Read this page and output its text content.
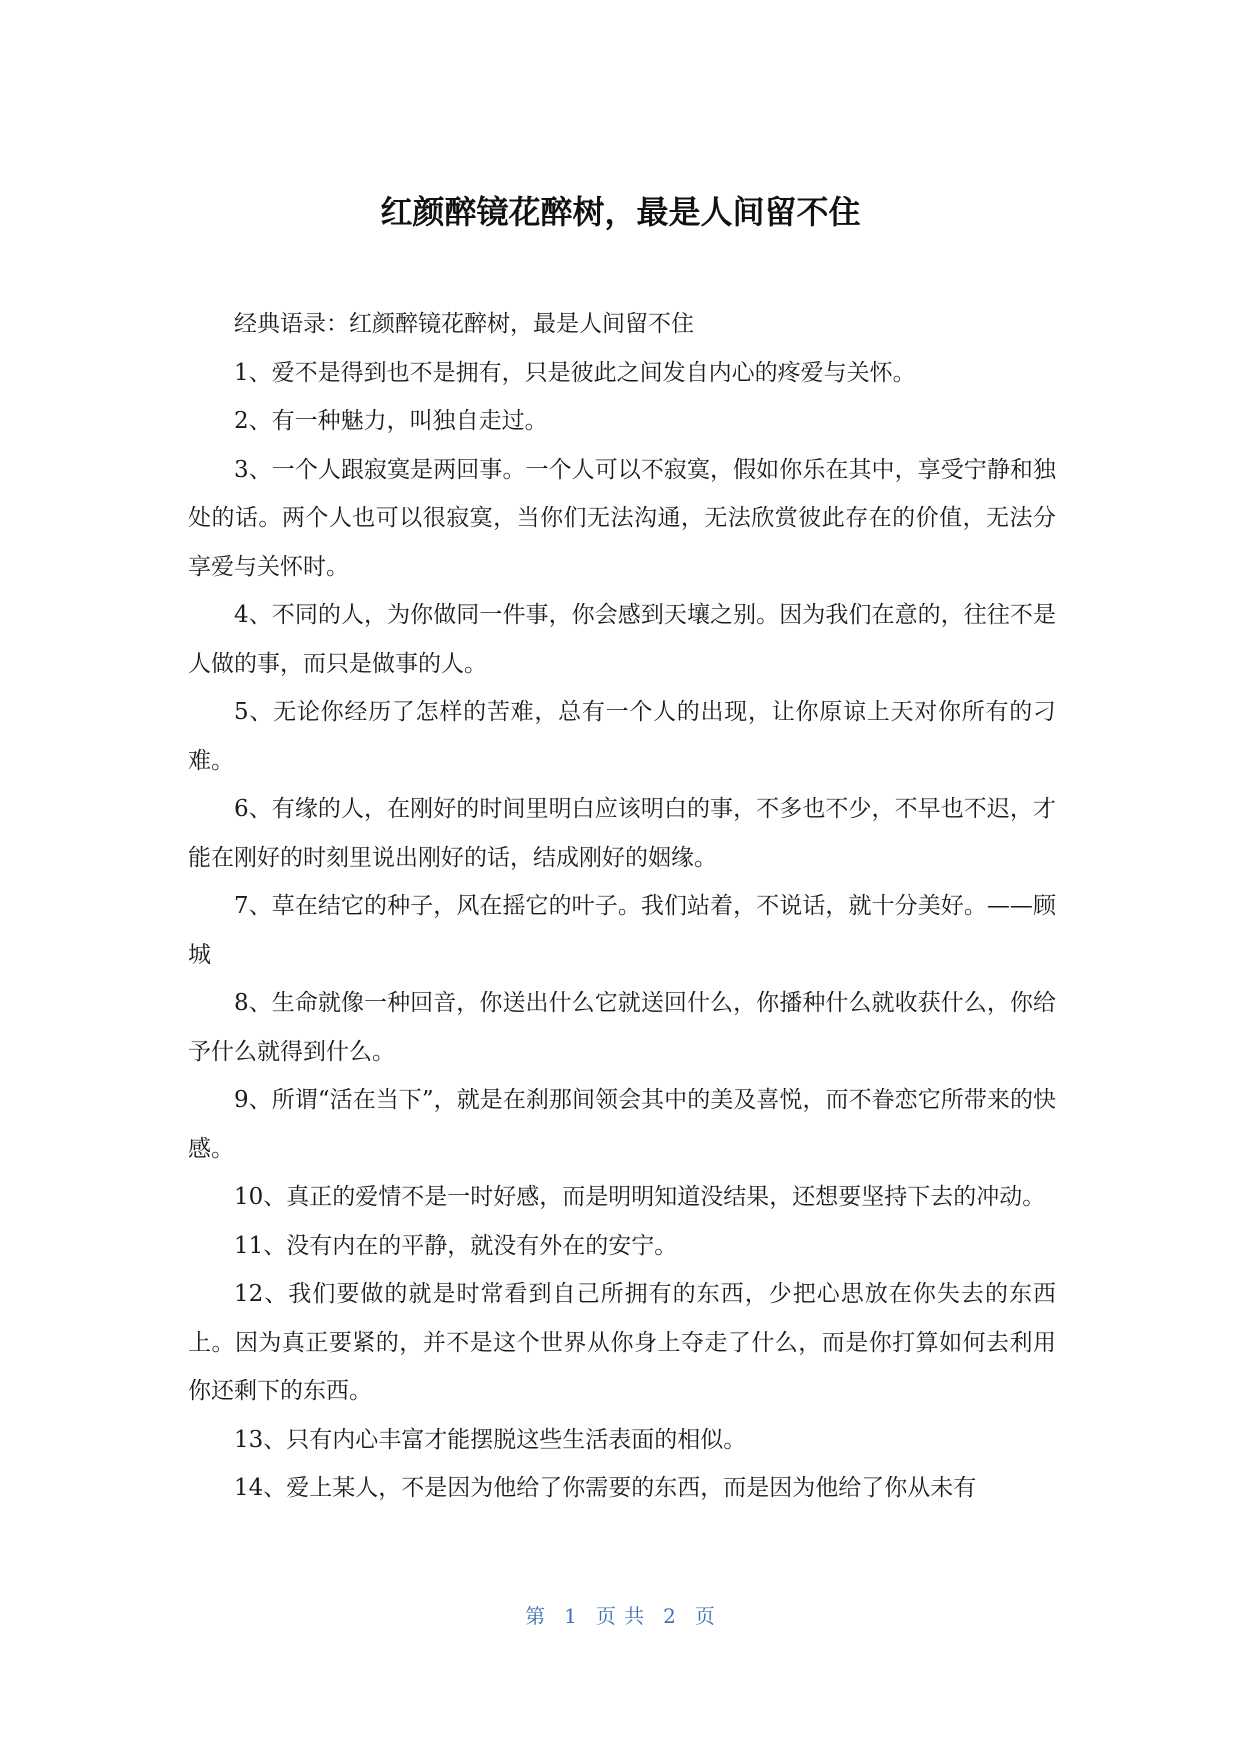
红颜醉镜花醉树，最是人间留不住

经典语录：红颜醉镜花醉树，最是人间留不住

1、爱不是得到也不是拥有，只是彼此之间发自内心的疼爱与关怀。

2、有一种魅力，叫独自走过。

3、一个人跟寂寞是两回事。一个人可以不寂寞，假如你乐在其中，享受宁静和独处的话。两个人也可以很寂寞，当你们无法沟通，无法欣赏彼此存在的价值，无法分享爱与关怀时。

4、不同的人，为你做同一件事，你会感到天壤之别。因为我们在意的，往往不是人做的事，而只是做事的人。

5、无论你经历了怎样的苦难，总有一个人的出现，让你原谅上天对你所有的刁难。

6、有缘的人，在刚好的时间里明白应该明白的事，不多也不少，不早也不迟，才能在刚好的时刻里说出刚好的话，结成刚好的姻缘。

7、草在结它的种子，风在摇它的叶子。我们站着，不说话，就十分美好。——顾城

8、生命就像一种回音，你送出什么它就送回什么，你播种什么就收获什么，你给予什么就得到什么。

9、所谓“活在当下”，就是在刹那间领会其中的美及喜悦，而不眷恋它所带来的快感。

10、真正的爱情不是一时好感，而是明明知道没结果，还想要坚持下去的冲动。

11、没有内在的平静，就没有外在的安宁。

12、我们要做的就是时常看到自己所拥有的东西，少把心思放在你失去的东西上。因为真正要紧的，并不是这个世界从你身上夺走了什么，而是你打算如何去利用你还剩下的东西。

13、只有内心丰富才能摆脱这些生活表面的相似。

14、爱上某人，不是因为他给了你需要的东西，而是因为他给了你从未有

第 1 页 共 2 页
